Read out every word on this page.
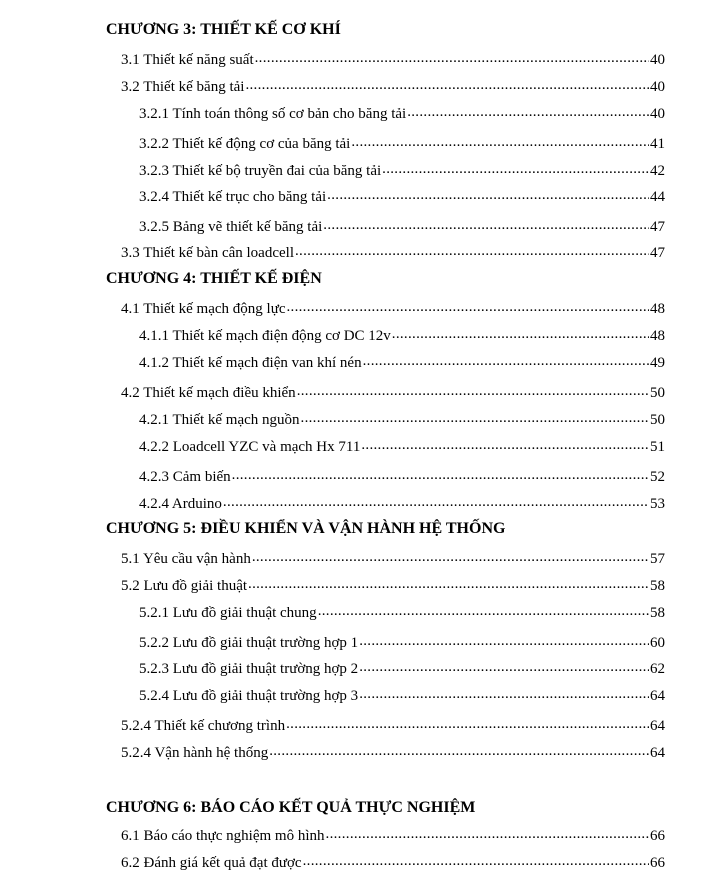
CHƯƠNG 3: THIẾT KẾ CƠ KHÍ
3.1 Thiết kế năng suất .....	40
3.2 Thiết kế băng tải .....	40
3.2.1 Tính toán thông số cơ bản cho băng tải .....	40
3.2.2 Thiết kế động cơ của băng tải .....	41
3.2.3 Thiết kế bộ truyền đai của băng tải .....	42
3.2.4 Thiết kế trục cho băng tải .....	44
3.2.5 Bảng vẽ thiết kế băng tải .....	47
3.3 Thiết kế bàn cân loadcell .....	47
CHƯƠNG 4: THIẾT KẾ ĐIỆN
4.1 Thiết kế mạch động lực .....	48
4.1.1 Thiết kế mạch điện động cơ DC 12v .....	48
4.1.2 Thiết kế mạch điện van khí nén .....	49
4.2 Thiết kế mạch điều khiển .....	50
4.2.1 Thiết kế mạch nguồn .....	50
4.2.2 Loadcell YZC và mạch Hx 711 .....	51
4.2.3 Cảm biến .....	52
4.2.4 Arduino .....	53
CHƯƠNG 5: ĐIỀU KHIỂN VÀ VẬN HÀNH HỆ THỐNG
5.1 Yêu cầu vận hành .....	57
5.2 Lưu đồ giải thuật .....	58
5.2.1 Lưu đồ giải thuật chung .....	58
5.2.2 Lưu đồ giải thuật trường hợp 1 .....	60
5.2.3 Lưu đồ giải thuật trường hợp 2 .....	62
5.2.4 Lưu đồ giải thuật trường hợp 3 .....	64
5.2.4 Thiết kế chương trình .....	64
5.2.4 Vận hành hệ thống .....	64
CHƯƠNG 6: BÁO CÁO KẾT QUẢ THỰC NGHIỆM
6.1 Báo cáo thực nghiệm mô hình .....	66
6.2 Đánh giá kết quả đạt được .....	66
